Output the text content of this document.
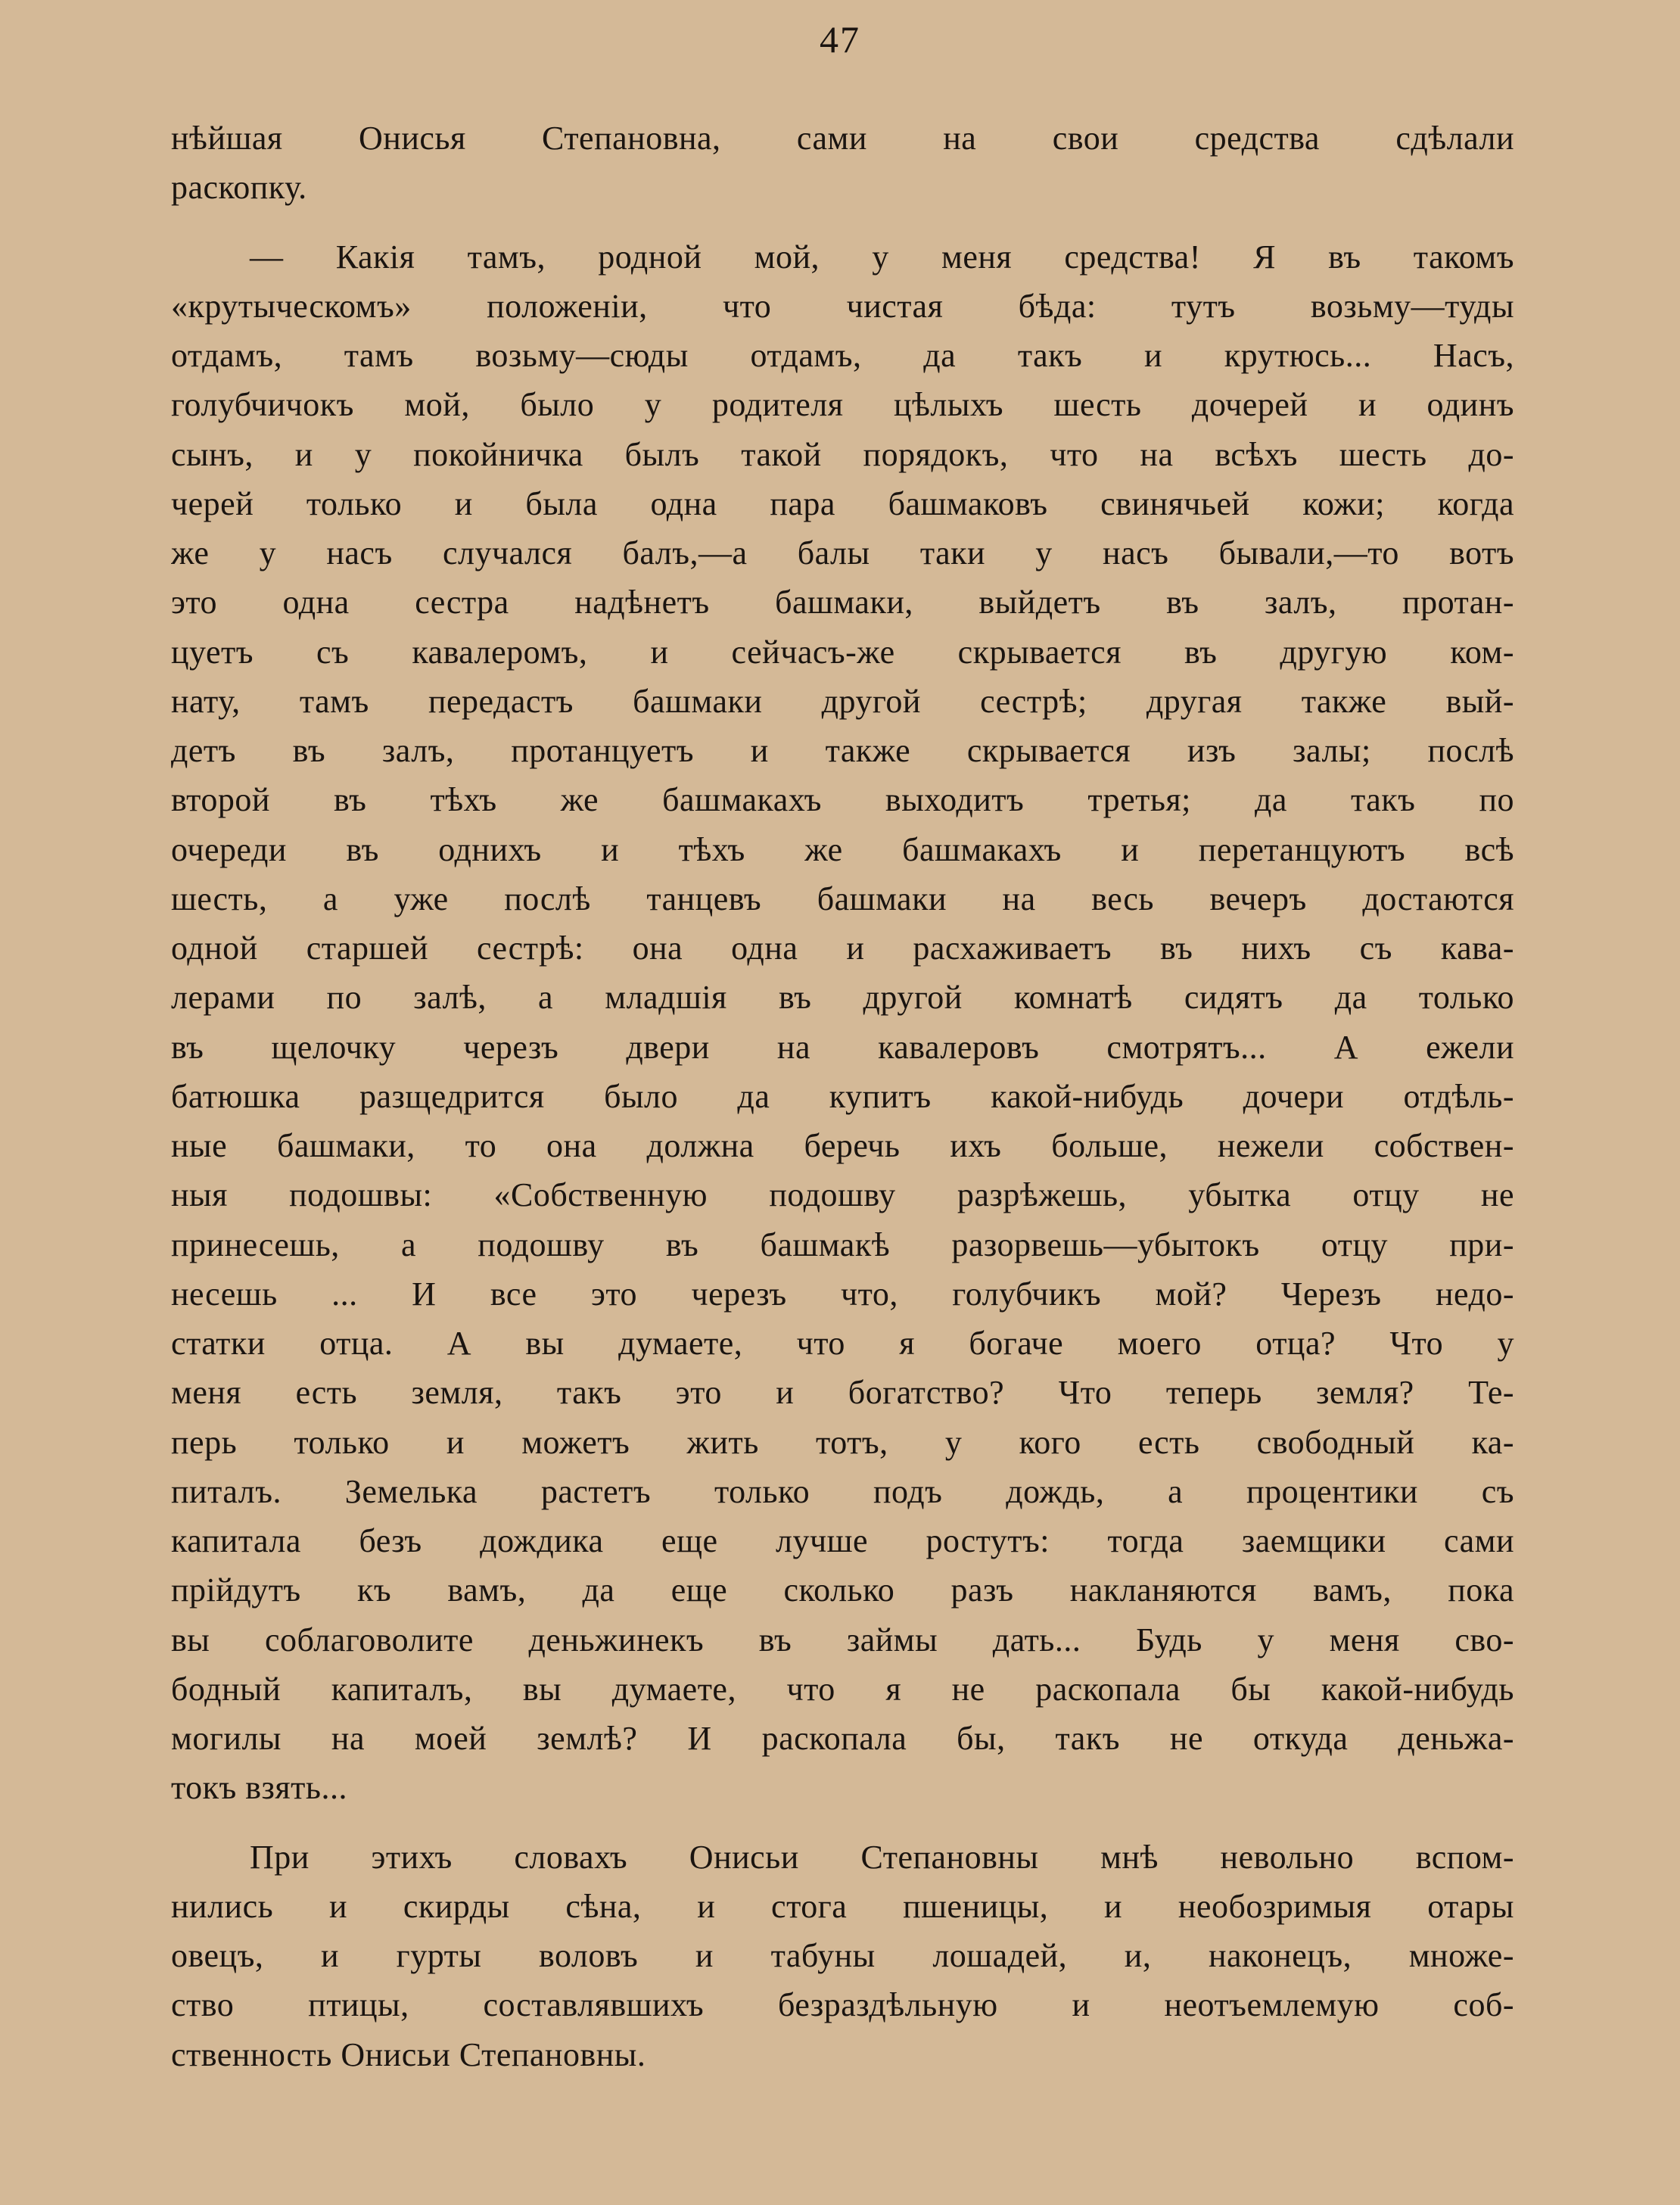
47
нѣйшая Онисья Степановна, сами на свои средства сдѣлали
раскопку.
— Какія тамъ, родной мой, у меня средства! Я въ такомъ
«крутыческомъ» положеніи, что чистая бѣда: тутъ возьму—туды
отдамъ, тамъ возьму—сюды отдамъ, да такъ и крутюсь... Насъ,
голубчичокъ мой, было у родителя цѣлыхъ шесть дочерей и одинъ
сынъ, и у покойничка былъ такой порядокъ, что на всѣхъ шесть до-
черей только и была одна пара башмаковъ свинячьей кожи; когда
же у насъ случался балъ,—а балы таки у насъ бывали,—то вотъ
это одна сестра надѣнетъ башмаки, выйдетъ въ залъ, протан-
цуетъ съ кавалеромъ, и сейчасъ-же скрывается въ другую ком-
нату, тамъ передастъ башмаки другой сестрѣ; другая также вый-
детъ въ залъ, протанцуетъ и также скрывается изъ залы; послѣ
второй въ тѣхъ же башмакахъ выходитъ третья; да такъ по
очереди въ однихъ и тѣхъ же башмакахъ и перетанцуютъ всѣ
шесть, а уже послѣ танцевъ башмаки на весь вечеръ достаются
одной старшей сестрѣ: она одна и расхаживаетъ въ нихъ съ кава-
лерами по залѣ, а младшія въ другой комнатѣ сидятъ да только
въ щелочку черезъ двери на кавалеровъ смотрятъ... А ежели
батюшка разщедрится было да купитъ какой-нибудь дочери отдѣль-
ные башмаки, то она должна беречь ихъ больше, нежели собствен-
ныя подошвы: «Собственную подошву разрѣжешь, убытка отцу не
принесешь, а подошву въ башмакѣ разорвешь—убытокъ отцу при-
несешь ... И все это черезъ что, голубчикъ мой? Черезъ недо-
статки отца. А вы думаете, что я богаче моего отца? Что у
меня есть земля, такъ это и богатство? Что теперь земля? Те-
перь только и можетъ жить тотъ, у кого есть свободный ка-
питалъ. Земелька растетъ только подъ дождь, а процентики съ
капитала безъ дождика еще лучше ростутъ: тогда заемщики сами
прійдутъ къ вамъ, да еще сколько разъ накланяются вамъ, пока
вы соблаговолите деньжинекъ въ займы дать... Будь у меня сво-
бодный капиталъ, вы думаете, что я не раскопала бы какой-нибудь
могилы на моей землѣ? И раскопала бы, такъ не откуда деньжа-
токъ взять...
При этихъ словахъ Онисьи Степановны мнѣ невольно вспом-
нились и скирды сѣна, и стога пшеницы, и необозримыя отары
овецъ, и гурты воловъ и табуны лошадей, и, наконецъ, множе-
ство птицы, составлявшихъ безраздѣльную и неотъемлемую соб-
ственность Онисьи Степановны.
